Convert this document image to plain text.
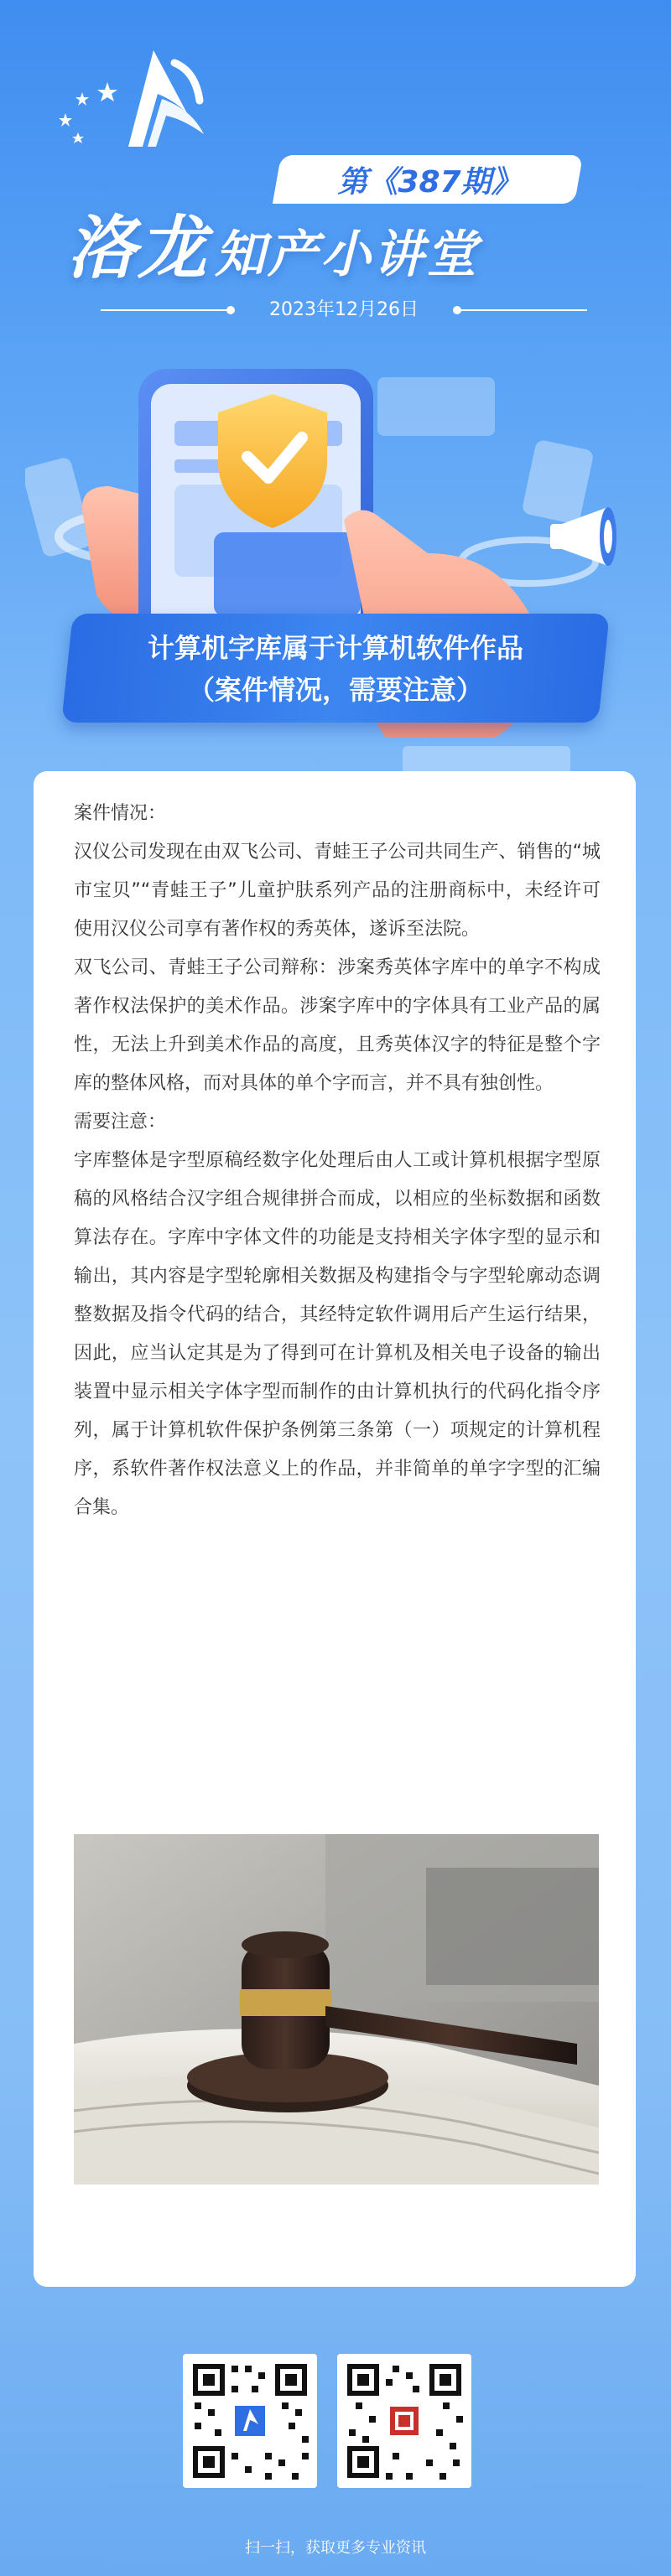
第《387期》
洛龙 知产小讲堂
2023年12月26日
计算机字库属于计算机软件作品
（案件情况，需要注意）

案件情况：

汉仪公司发现在由双飞公司、青蛙王子公司共同生产、销售的“城市宝贝”“青蛙王子”儿童护肤系列产品的注册商标中，未经许可使用汉仪公司享有著作权的秀英体，遂诉至法院。

双飞公司、青蛙王子公司辩称：涉案秀英体字库中的单字不构成著作权法保护的美术作品。涉案字库中的字体具有工业产品的属性，无法上升到美术作品的高度，且秀英体汉字的特征是整个字库的整体风格，而对具体的单个字而言，并不具有独创性。

需要注意：

字库整体是字型原稿经数字化处理后由人工或计算机根据字型原稿的风格结合汉字组合规律拼合而成，以相应的坐标数据和函数算法存在。字库中字体文件的功能是支持相关字体字型的显示和输出，其内容是字型轮廓相关数据及构建指令与字型轮廓动态调整数据及指令代码的结合，其经特定软件调用后产生运行结果，因此，应当认定其是为了得到可在计算机及相关电子设备的输出装置中显示相关字体字型而制作的由计算机执行的代码化指令序列，属于计算机软件保护条例第三条第（一）项规定的计算机程序，系软件著作权法意义上的作品，并非简单的单字字型的汇编合集。

扫一扫，获取更多专业资讯
